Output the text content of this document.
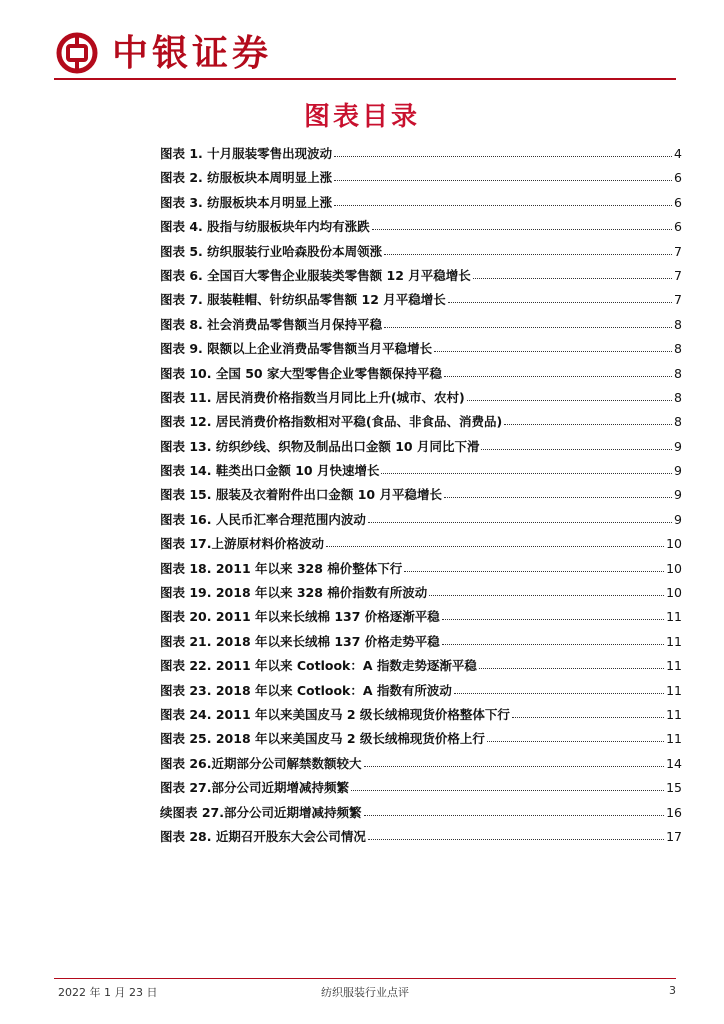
中银证券
图表目录
图表 1. 十月服装零售出现波动	4
图表 2. 纺服板块本周明显上涨	6
图表 3. 纺服板块本月明显上涨	6
图表 4. 股指与纺服板块年内均有涨跌	6
图表 5. 纺织服装行业哈森股份本周领涨	7
图表 6. 全国百大零售企业服装类零售额 12 月平稳增长	7
图表 7. 服装鞋帽、针纺织品零售额 12 月平稳增长	7
图表 8. 社会消费品零售额当月保持平稳	8
图表 9. 限额以上企业消费品零售额当月平稳增长	8
图表 10. 全国 50 家大型零售企业零售额保持平稳	8
图表 11. 居民消费价格指数当月同比上升(城市、农村)	8
图表 12. 居民消费价格指数相对平稳(食品、非食品、消费品)	8
图表 13. 纺织纱线、织物及制品出口金额 10 月同比下滑	9
图表 14. 鞋类出口金额 10 月快速增长	9
图表 15. 服装及衣着附件出口金额 10 月平稳增长	9
图表 16. 人民币汇率合理范围内波动	9
图表 17.上游原材料价格波动	10
图表 18. 2011 年以来 328 棉价整体下行	10
图表 19. 2018 年以来 328 棉价指数有所波动	10
图表 20. 2011 年以来长绒棉 137 价格逐渐平稳	11
图表 21. 2018 年以来长绒棉 137 价格走势平稳	11
图表 22. 2011 年以来 Cotlook：A 指数走势逐渐平稳	11
图表 23. 2018 年以来 Cotlook：A 指数有所波动	11
图表 24. 2011 年以来美国皮马 2 级长绒棉现货价格整体下行	11
图表 25. 2018 年以来美国皮马 2 级长绒棉现货价格上行	11
图表 26.近期部分公司解禁数额较大	14
图表 27.部分公司近期增减持频繁	15
续图表 27.部分公司近期增减持频繁	16
图表 28. 近期召开股东大会公司情况	17
2022 年 1 月 23 日	纺织服装行业点评	3
